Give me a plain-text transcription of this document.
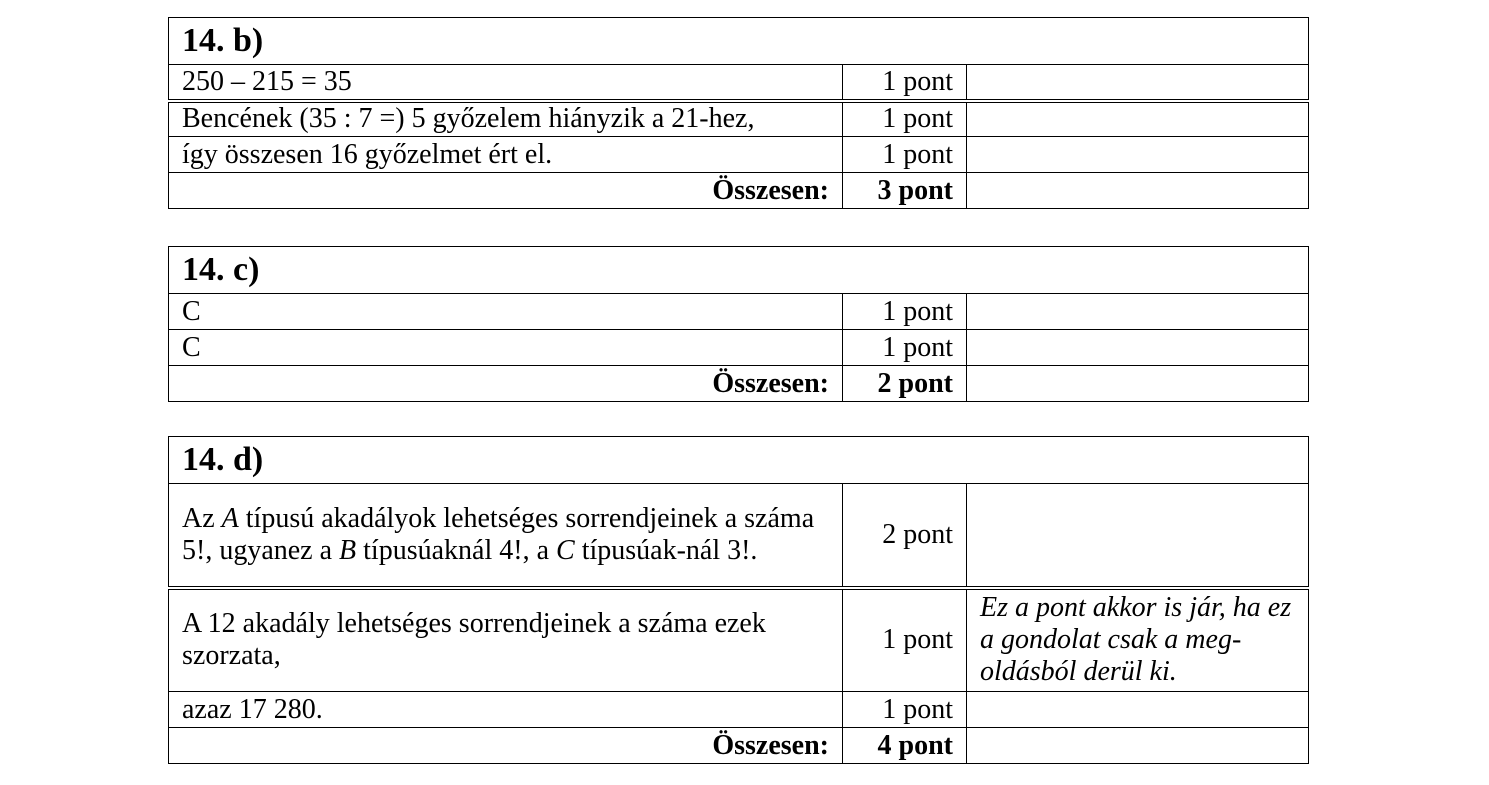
14. b)		
250 – 215 = 35	1 pont	
Bencének (35 : 7 =) 5 győzelem hiányzik a 21-hez,	1 pont	
így összesen 16 győzelmet ért el.	1 pont	
Összesen:	3 pont	
14. c)		
C	1 pont	
C	1 pont	
Összesen:	2 pont	
14. d)		
Az A típusú akadályok lehetséges sorrendjeinek a száma 5!, ugyanez a B típusúaknál 4!, a C típusúak-nál 3!.	2 pont	
A 12 akadály lehetséges sorrendjeinek a száma ezek szorzata,	1 pont	Ez a pont akkor is jár, ha ez a gondolat csak a meg-oldásból derül ki.
azaz 17 280.	1 pont	
Összesen:	4 pont	
